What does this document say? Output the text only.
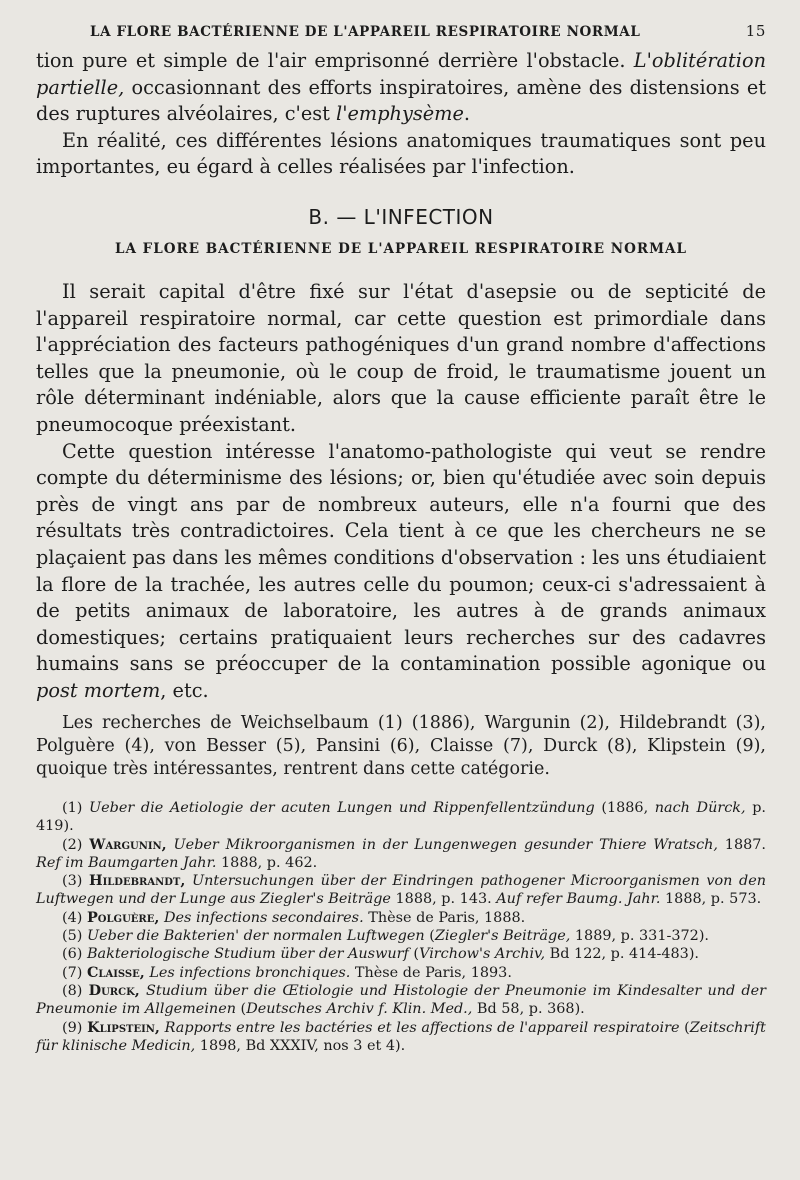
LA FLORE BACTÉRIENNE DE L'APPAREIL RESPIRATOIRE NORMAL	15

tion pure et simple de l'air emprisonné derrière l'obstacle. L'oblitération partielle, occasionnant des efforts inspiratoires, amène des distensions et des ruptures alvéolaires, c'est l'emphysème.

En réalité, ces différentes lésions anatomiques traumatiques sont peu importantes, eu égard à celles réalisées par l'infection.

B. — L'INFECTION
LA FLORE BACTÉRIENNE DE L'APPAREIL RESPIRATOIRE NORMAL

Il serait capital d'être fixé sur l'état d'asepsie ou de septicité de l'appareil respiratoire normal, car cette question est primordiale dans l'appréciation des facteurs pathogéniques d'un grand nombre d'affections telles que la pneumonie, où le coup de froid, le traumatisme jouent un rôle déterminant indéniable, alors que la cause efficiente paraît être le pneumocoque préexistant.

Cette question intéresse l'anatomo-pathologiste qui veut se rendre compte du déterminisme des lésions; or, bien qu'étudiée avec soin depuis près de vingt ans par de nombreux auteurs, elle n'a fourni que des résultats très contradictoires. Cela tient à ce que les chercheurs ne se plaçaient pas dans les mêmes conditions d'observation : les uns étudiaient la flore de la trachée, les autres celle du poumon; ceux-ci s'adressaient à de petits animaux de laboratoire, les autres à de grands animaux domestiques; certains pratiquaient leurs recherches sur des cadavres humains sans se préoccuper de la contamination possible agonique ou post mortem, etc.

Les recherches de Weichselbaum (1) (1886), Wargunin (2), Hildebrandt (3), Polguère (4), von Besser (5), Pansini (6), Claisse (7), Durck (8), Klipstein (9), quoique très intéressantes, rentrent dans cette catégorie.

(1) Ueber die Aetiologie der acuten Lungen und Rippenfellentzündung (1886, nach Dürck, p. 419).

(2) Wargunin, Ueber Mikroorganismen in der Lungenwegen gesunder Thiere Wratsch, 1887. Ref im Baumgarten Jahr. 1888, p. 462.

(3) Hildebrandt, Untersuchungen über der Eindringen pathogener Microorganismen von den Luftwegen und der Lunge aus Ziegler's Beiträge 1888, p. 143. Auf refer Baumg. Jahr. 1888, p. 573.

(4) Polguère, Des infections secondaires. Thèse de Paris, 1888.

(5) Ueber die Bakterien' der normalen Luftwegen (Ziegler's Beiträge, 1889, p. 331-372).

(6) Bakteriologische Studium über der Auswurf (Virchow's Archiv, Bd 122, p. 414-483).

(7) Claisse, Les infections bronchiques. Thèse de Paris, 1893.

(8) Durck, Studium über die Œtiologie und Histologie der Pneumonie im Kindesalter und der Pneumonie im Allgemeinen (Deutsches Archiv f. Klin. Med., Bd 58, p. 368).

(9) Klipstein, Rapports entre les bactéries et les affections de l'appareil respiratoire (Zeitschrift für klinische Medicin, 1898, Bd XXXIV, nos 3 et 4).
